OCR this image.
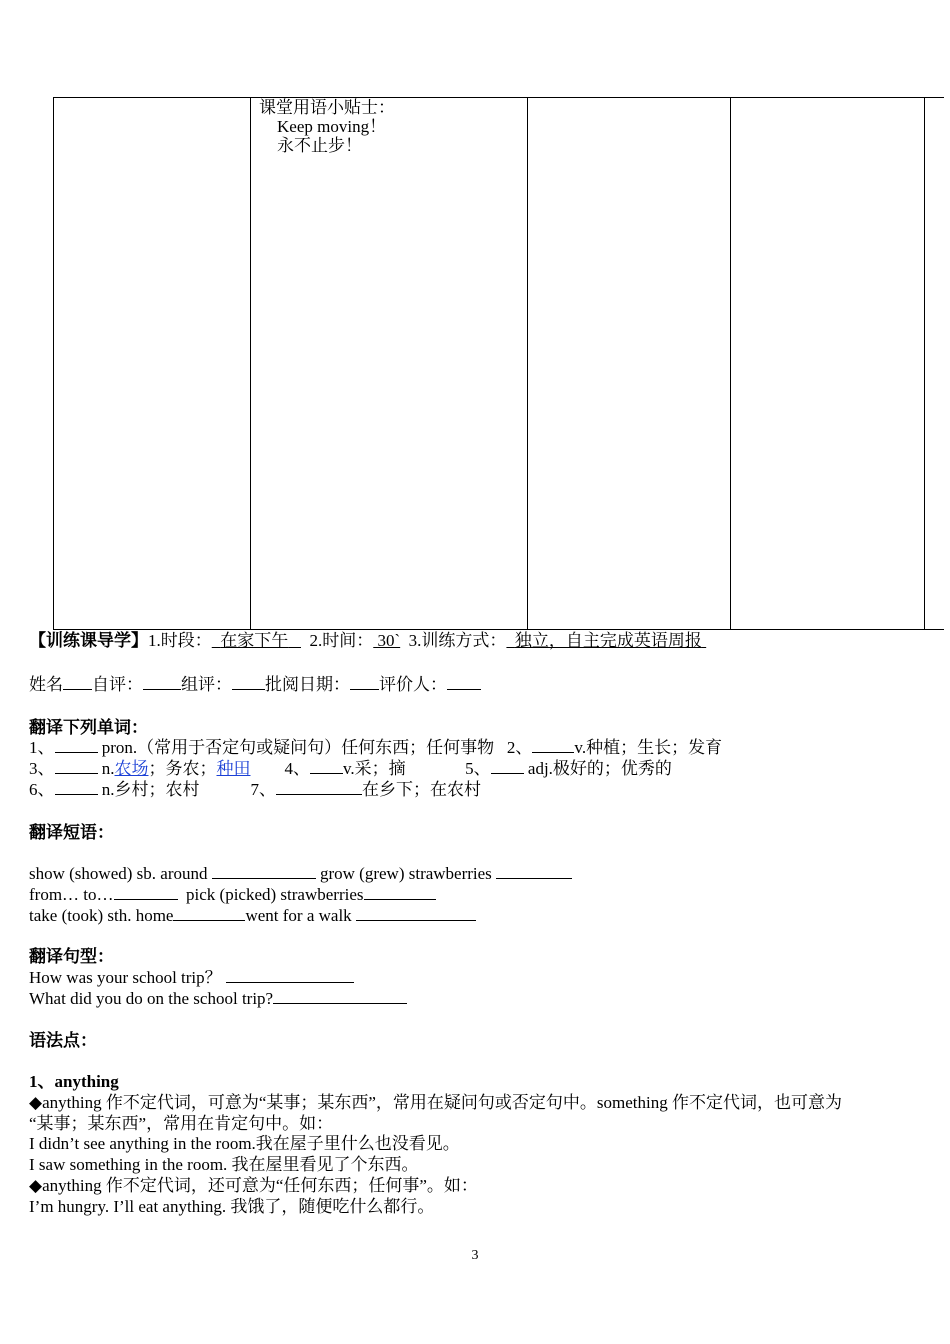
课堂用语小贴士：
Keep moving！
永不止步！
【训练课导学】1.时段： 在家下午 2.时间： 30` 3.训练方式： 独立，自主完成英语周报
姓名 自评： 组评： 批阅日期： 评价人：
翻译下列单词：
1、	pron.（常用于否定句或疑问句）任何东西；任何事物 2、 v.种植；生长；发育
3、	n.农场；务农；种田 4、 v.采；摘	5、 adj.极好的；优秀的
6、	n.乡村；农村	7、	在乡下；在农村
翻译短语：
show (showed) sb. around	grow (grew) strawberries
from… to…	pick (picked) strawberries
take (took) sth. home	went for a walk
翻译句型：
How was your school trip？
What did you do on the school trip?
语法点：
1、anything
◆anything 作不定代词，可意为“某事；某东西”，常用在疑问句或否定句中。something 作不定代词，也可意为
“某事；某东西”，常用在肯定句中。如：
I didn’t see anything in the room.我在屋子里什么也没看见。
I saw something in the room. 我在屋里看见了个东西。
◆anything 作不定代词，还可意为“任何东西；任何事”。如：
I’m hungry. I’ll eat anything. 我饿了，随便吃什么都行。
3
